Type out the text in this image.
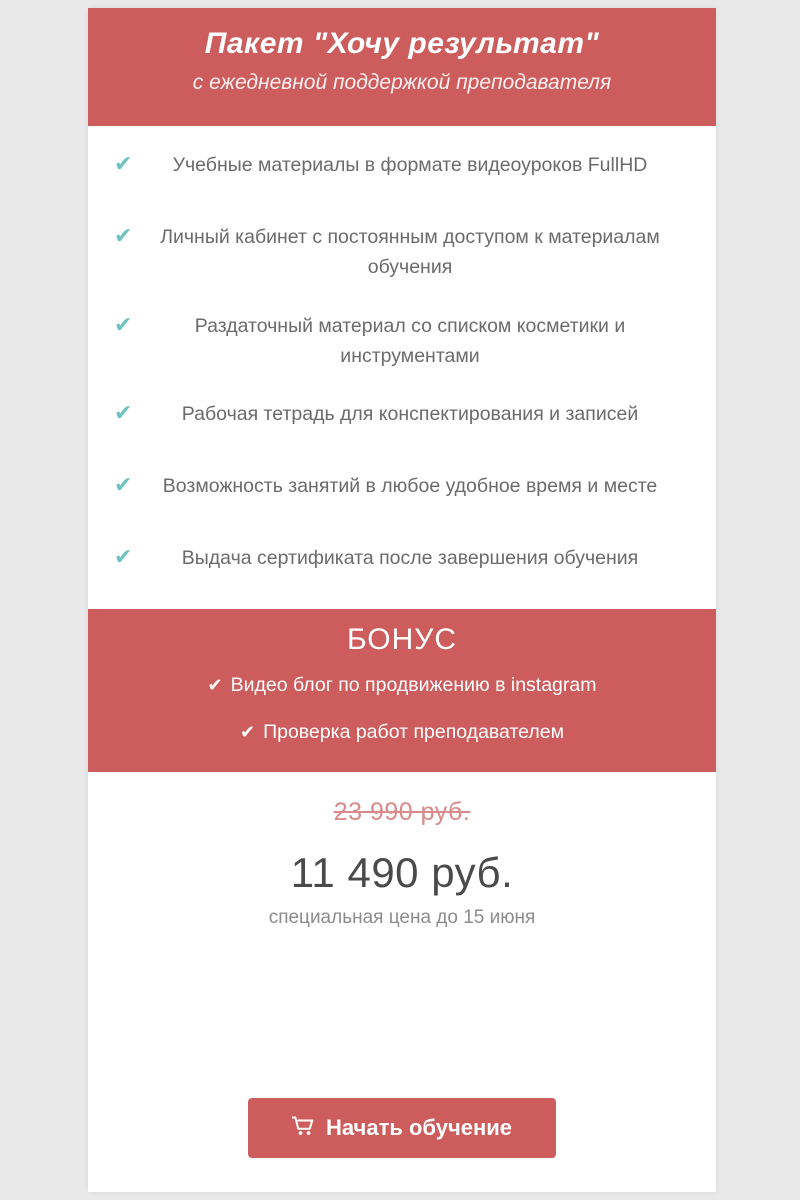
Пакет "Хочу результат"
с ежедневной поддержкой преподавателя
✔	Учебные материалы в формате видеоуроков FullHD
✔	Личный кабинет с постоянным доступом к материалам обучения
✔	Раздаточный материал со списком косметики и инструментами
✔	Рабочая тетрадь для конспектирования и записей
✔	Возможность занятий в любое удобное время и месте
✔	Выдача сертификата после завершения обучения
БОНУС
✔ Видео блог по продвижению в instagram
✔ Проверка работ преподавателем
23 990 руб.
11 490 руб.
специальная цена до 15 июня
Начать обучение
